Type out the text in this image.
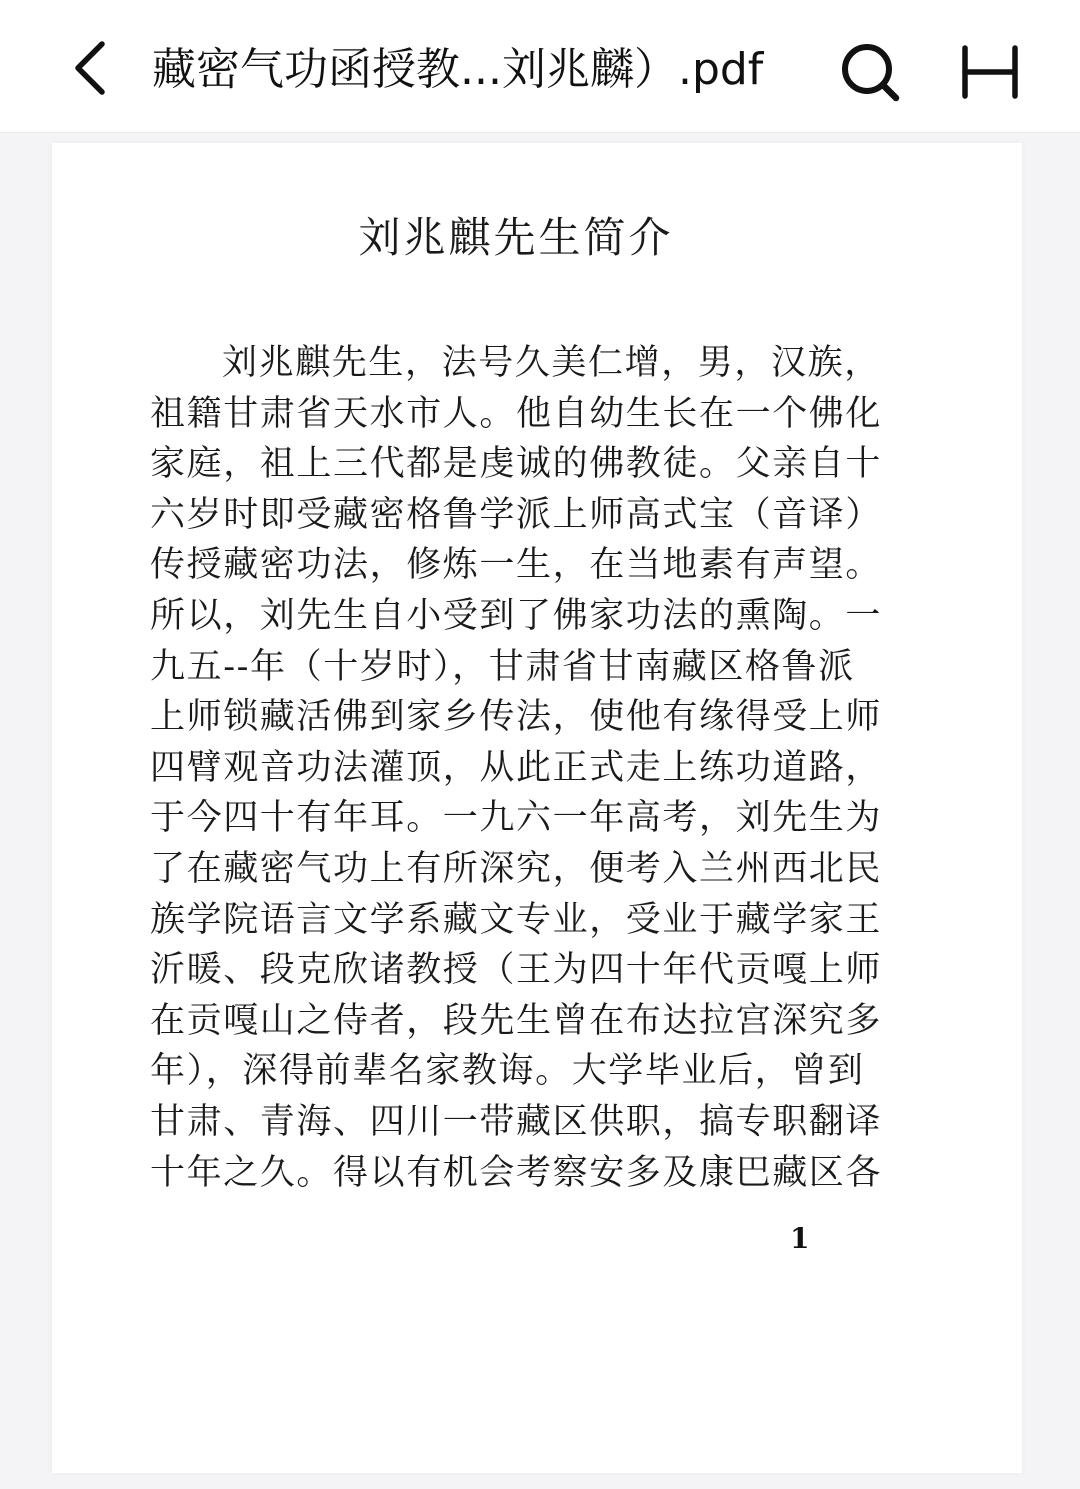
藏密气功函授教...刘兆麟）.pdf
刘兆麒先生简介
刘兆麒先生，法号久美仁增，男，汉族，
祖籍甘肃省天水市人。他自幼生长在一个佛化
家庭，祖上三代都是虔诚的佛教徒。父亲自十
六岁时即受藏密格鲁学派上师高式宝（音译）
传授藏密功法，修炼一生，在当地素有声望。
所以，刘先生自小受到了佛家功法的熏陶。一
九五--年（十岁时），甘肃省甘南藏区格鲁派
上师锁藏活佛到家乡传法，使他有缘得受上师
四臂观音功法灌顶，从此正式走上练功道路，
于今四十有年耳。一九六一年高考，刘先生为
了在藏密气功上有所深究，便考入兰州西北民
族学院语言文学系藏文专业，受业于藏学家王
沂暖、段克欣诸教授（王为四十年代贡嘎上师
在贡嘎山之侍者，段先生曾在布达拉宫深究多
年），深得前辈名家教诲。大学毕业后，曾到
甘肃、青海、四川一带藏区供职，搞专职翻译
十年之久。得以有机会考察安多及康巴藏区各
1
